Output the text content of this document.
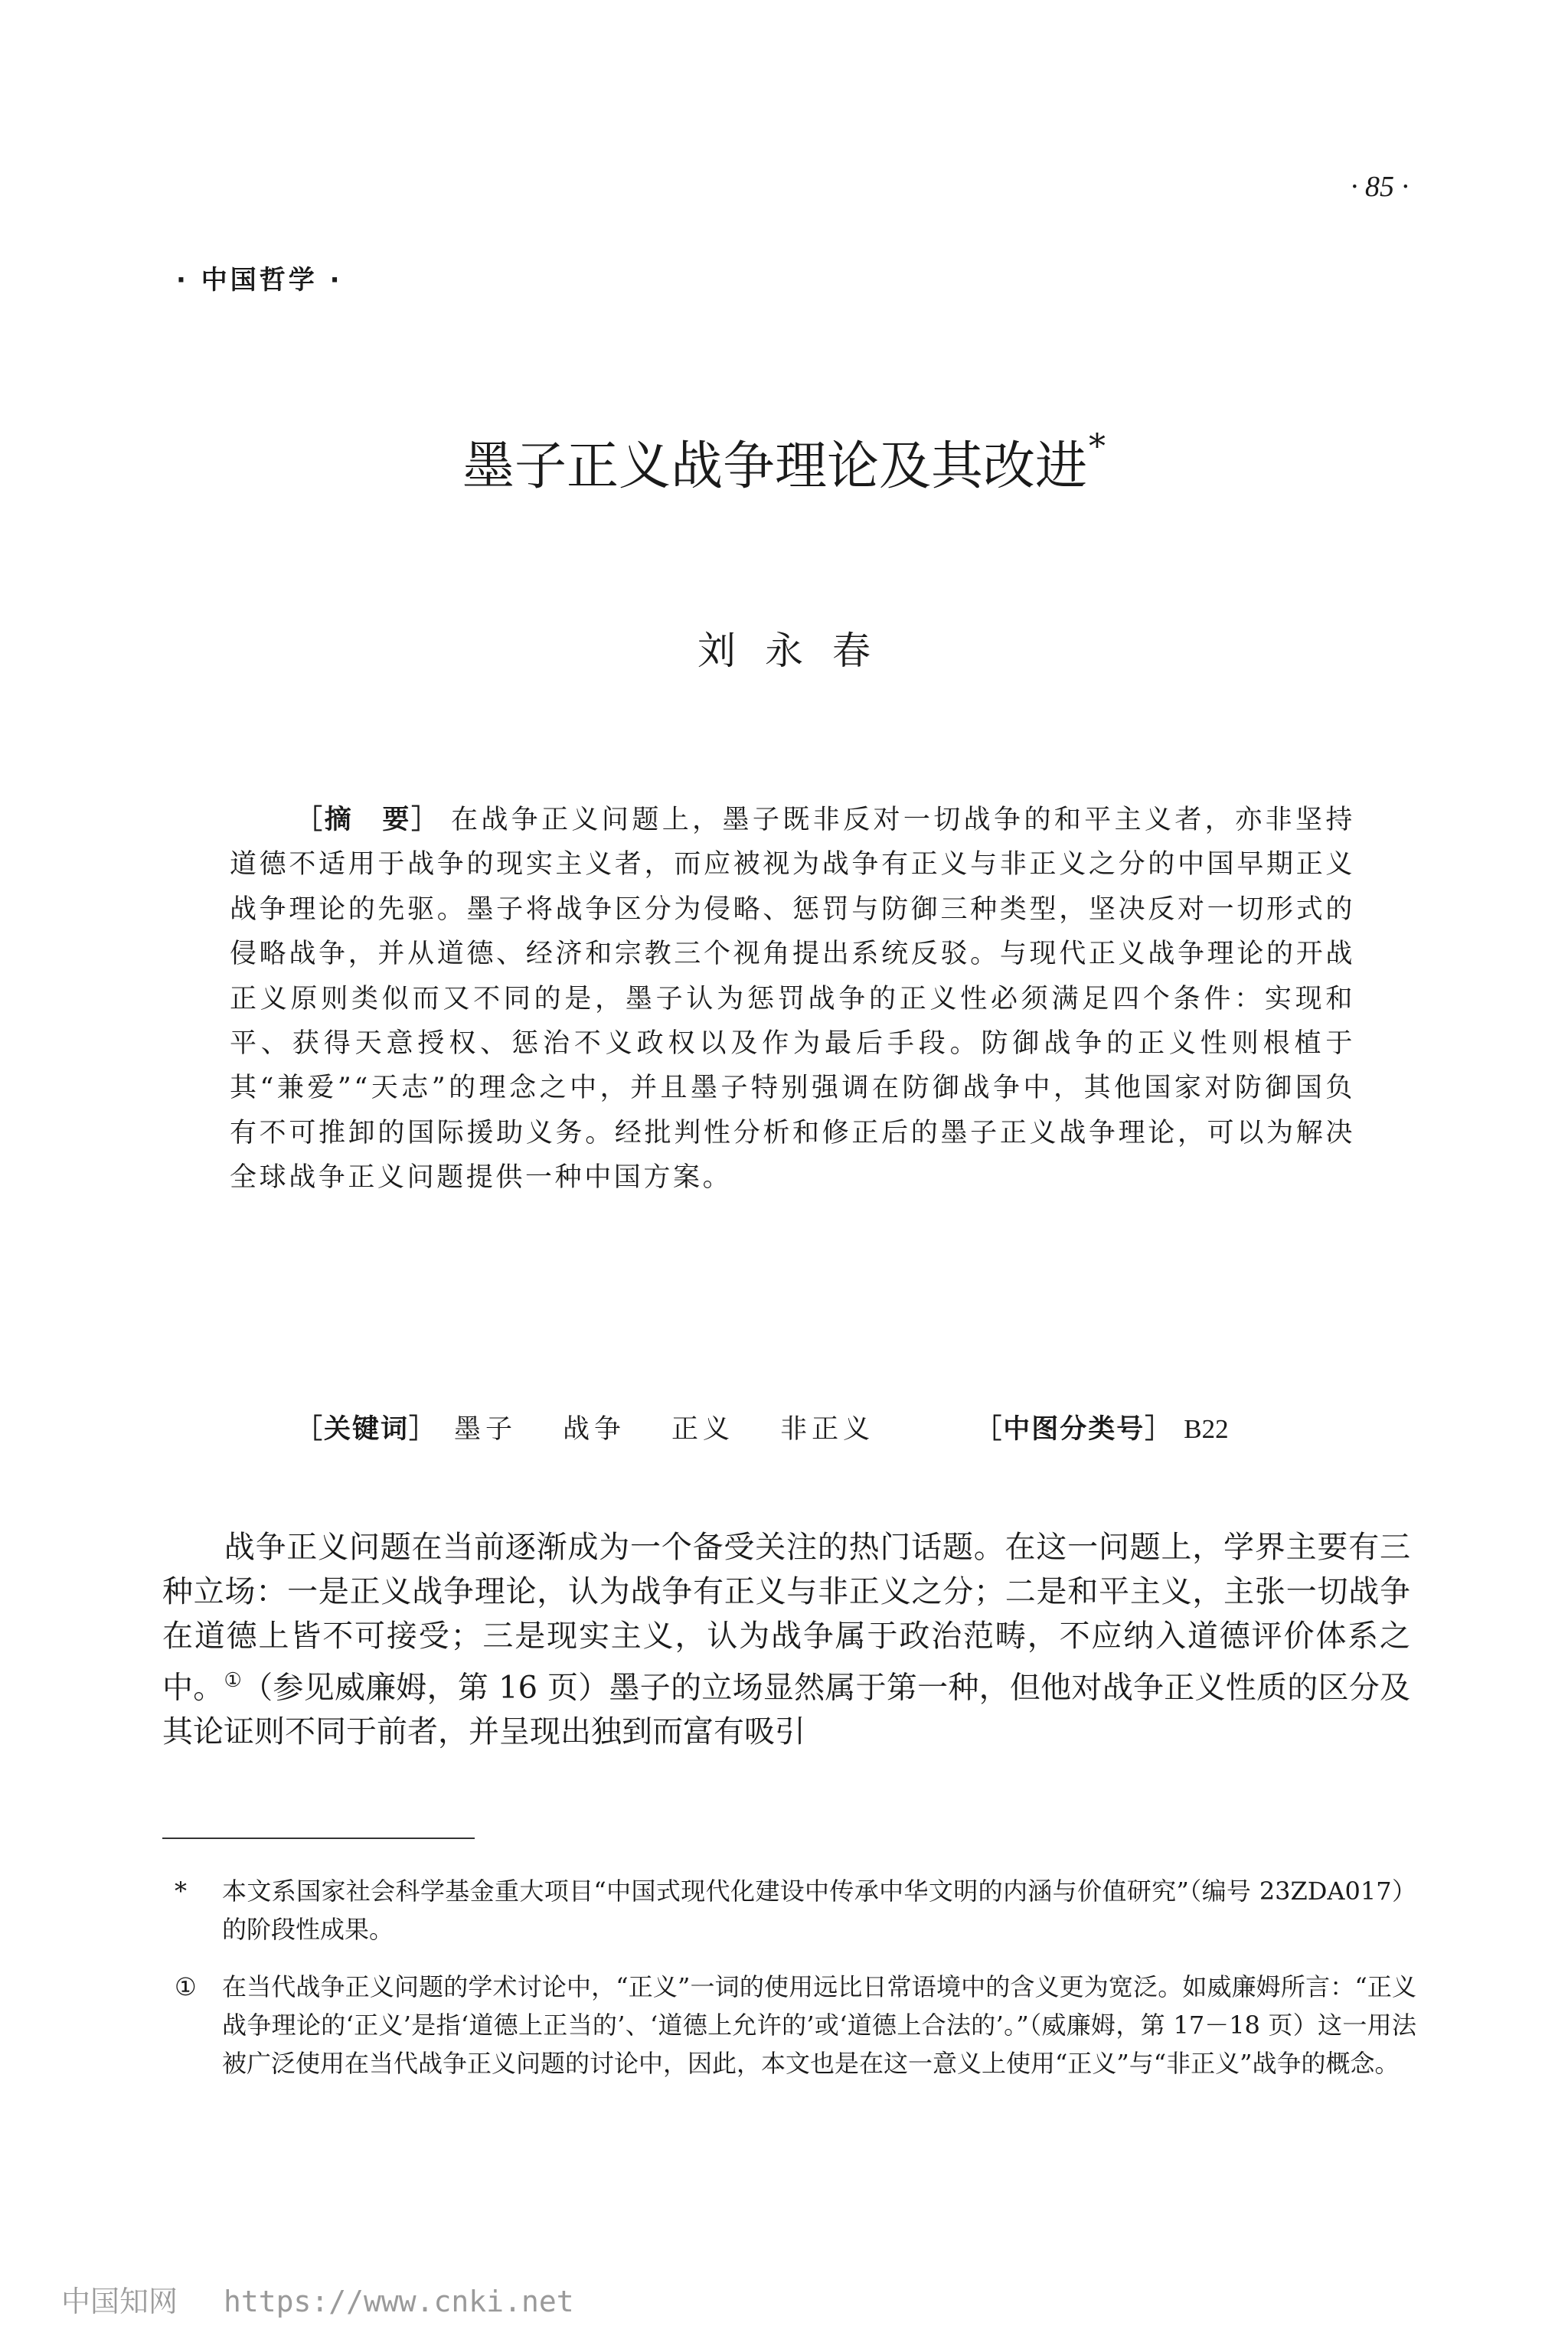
· 85 ·
· 中国哲学 ·
墨子正义战争理论及其改进*
刘永春
［摘　要］ 在战争正义问题上，墨子既非反对一切战争的和平主义者，亦非坚持道德不适用于战争的现实主义者，而应被视为战争有正义与非正义之分的中国早期正义战争理论的先驱。墨子将战争区分为侵略、惩罚与防御三种类型，坚决反对一切形式的侵略战争，并从道德、经济和宗教三个视角提出系统反驳。与现代正义战争理论的开战正义原则类似而又不同的是，墨子认为惩罚战争的正义性必须满足四个条件：实现和平、获得天意授权、惩治不义政权以及作为最后手段。防御战争的正义性则根植于其“兼爱”“天志”的理念之中，并且墨子特别强调在防御战争中，其他国家对防御国负有不可推卸的国际援助义务。经批判性分析和修正后的墨子正义战争理论，可以为解决全球战争正义问题提供一种中国方案。
［关键词］ 墨子 战争 正义 非正义	［中图分类号］ B22
战争正义问题在当前逐渐成为一个备受关注的热门话题。在这一问题上，学界主要有三种立场：一是正义战争理论，认为战争有正义与非正义之分；二是和平主义，主张一切战争在道德上皆不可接受；三是现实主义，认为战争属于政治范畴，不应纳入道德评价体系之中。①（参见威廉姆，第 16 页）墨子的立场显然属于第一种，但他对战争正义性质的区分及其论证则不同于前者，并呈现出独到而富有吸引
*	本文系国家社会科学基金重大项目“中国式现代化建设中传承中华文明的内涵与价值研究”（编号 23ZDA017）的阶段性成果。
①	在当代战争正义问题的学术讨论中，“正义”一词的使用远比日常语境中的含义更为宽泛。如威廉姆所言：“正义战争理论的‘正义’是指‘道德上正当的’、‘道德上允许的’或‘道德上合法的’。”（威廉姆，第 17－18 页）这一用法被广泛使用在当代战争正义问题的讨论中，因此，本文也是在这一意义上使用“正义”与“非正义”战争的概念。
中国知网 https://www.cnki.net
